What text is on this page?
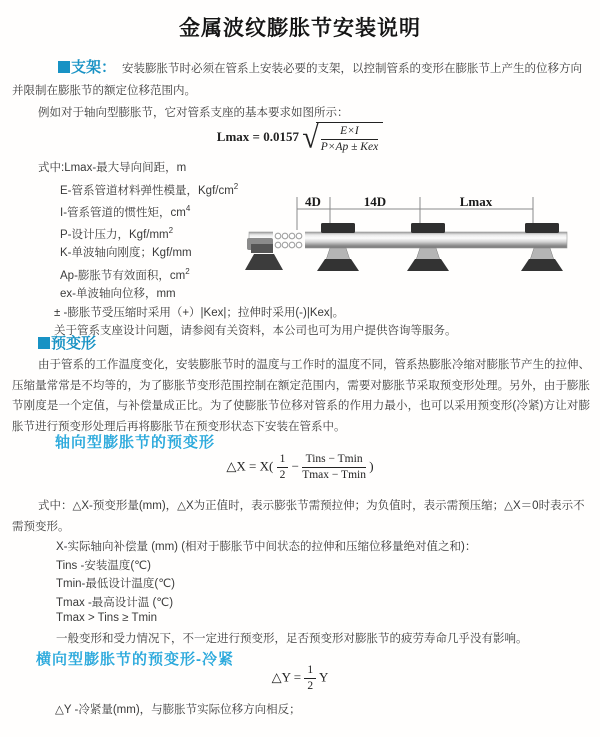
金属波纹膨胀节安装说明
支架： 安装膨胀节时必须在管系上安装必要的支架，以控制管系的变形在膨胀节上产生的位移方向并限制在膨胀节的额定位移范围内。
例如对于轴向型膨胀节，它对管系支座的基本要求如图所示：
Lmax = 0.0157 √ $\frac{E\times I}{\text{P×Ap ± Kex}}$
式中:Lmax-最大导向间距，m
E-管系管道材料弹性模量，Kgf/$cm^2$
I-管系管道的惯性矩，$cm^4$
P-设计压力，Kgf/$mm^2$
K-单波轴向刚度；Kgf/mm
Ap-膨胀节有效面积，$cm^2$
ex-单波轴向位移，mm
± -膨胀节受压缩时采用（+）|Kex|；拉伸时采用(-)|Kex|。
关于管系支座设计问题，请参阅有关资料，本公司也可为用户提供咨询等服务。
4D	14D	Lmax
预变形
由于管系的工作温度变化，安装膨胀节时的温度与工作时的温度不同，管系热膨胀冷缩对膨胀节产生的拉伸、压缩量常常是不均等的，为了膨胀节变形范围控制在额定范围内，需要对膨胀节采取预变形处理。另外，由于膨胀节刚度是一个定值，与补偿量成正比。为了使膨胀节位移对管系的作用力最小，也可以采用预变形(冷紧)方让对膨胀节进行预变形处理后再将膨胀节在预变形状态下安装在管系中。
轴向型膨胀节的预变形
△X = $X( \frac{1}{2} - \frac{\text{Tins − Tmin}}{Tmax - Tmin}$ )
式中：△X-预变形量(mm)，△X为正值时，表示膨张节需预拉伸；为负值时，表示需预压缩；△X＝0时表示不需预变形。
X-实际轴向补偿量 (mm) (相对于膨胀节中间状态的拉伸和压缩位移量绝对值之和)：
Tins -安装温度(℃)
Tmin-最低设计温度(℃)
Tmax -最高设计温 (℃)
Tmax > Tins ≥ Tmin
一般变形和受力情况下，不一定进行预变形，足否预变形对膨胀节的疲劳寿命几乎没有影响。
横向型膨胀节的预变形-冷紧
△Y = $\frac{1}{2}$ Y
△Y -冷紧量(mm)，与膨胀节实际位移方向相反；
